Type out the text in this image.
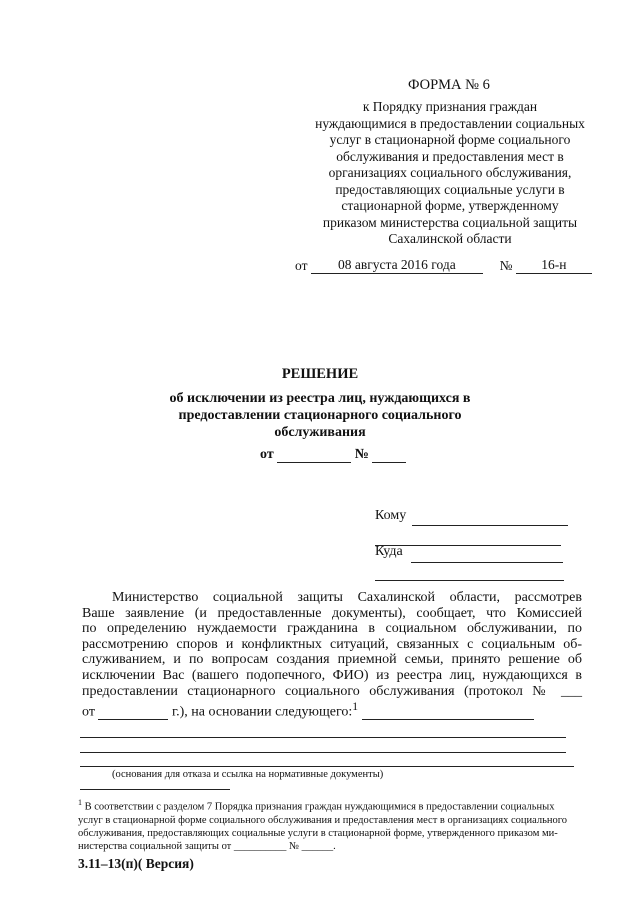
ФОРМА № 6
к Порядку признания граждан
нуждающимися в предоставлении социальных
услуг в стационарной форме социального
обслуживания и предоставления мест в
организациях социального обслуживания,
предоставляющих социальные услуги в
стационарной форме, утвержденному
приказом министерства социальной защиты
Сахалинской области
от 08 августа 2016 года	№ 16-н
РЕШЕНИЕ
об исключении из реестра лиц, нуждающихся в
предоставлении стационарного социального
обслуживания
от	№
Кому
Куда
Министерство социальной защиты Сахалинской области, рассмотрев
Ваше заявление (и предоставленные документы), сообщает, что Комиссией
по определению нуждаемости гражданина в социальном обслуживании, по
рассмотрению споров и конфликтных ситуаций, связанных с социальным об-
служиванием, и по вопросам создания приемной семьи, принято решение об
исключении Вас (вашего подопечного, ФИО) из реестра лиц, нуждающихся в
предоставлении стационарного социального обслуживания (протокол № ___
от	г.), на основании следующего:$^1$
(основания для отказа и ссылка на нормативные документы)
$^1$ В соответствии с разделом 7 Порядка признания граждан нуждающимися в предоставлении социальных
услуг в стационарной форме социального обслуживания и предоставления мест в организациях социального
обслуживания, предоставляющих социальные услуги в стационарной форме, утвержденного приказом ми-
нистерства социальной защиты от __________ № ______.
3.11–13(п)( Версия)
